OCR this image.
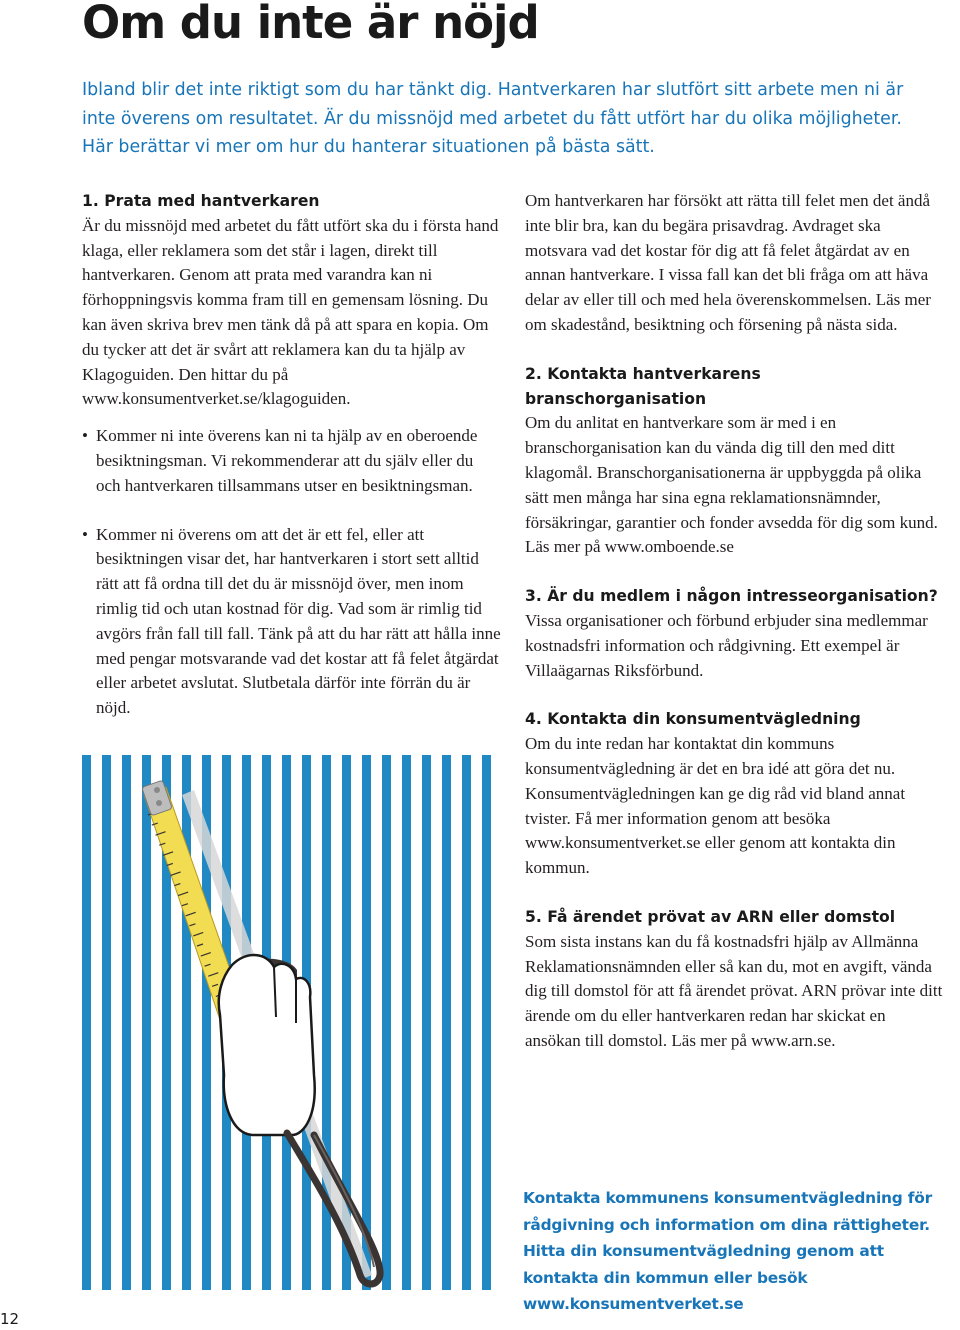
Om du inte är nöjd

Ibland blir det inte riktigt som du har tänkt dig. Hantverkaren har slutfört sitt arbete men ni är inte överens om resultatet. Är du missnöjd med arbetet du fått utfört har du olika möjligheter. Här berättar vi mer om hur du hanterar situationen på bästa sätt.

1. Prata med hantverkaren

Är du missnöjd med arbetet du fått utfört ska du i första hand klaga, eller reklamera som det står i lagen, direkt till hantverkaren. Genom att prata med varandra kan ni förhoppningsvis komma fram till en gemensam lösning. Du kan även skriva brev men tänk då på att spara en kopia. Om du tycker att det är svårt att reklamera kan du ta hjälp av Klagoguiden. Den hittar du på www.konsumentverket.se/klagoguiden.

• Kommer ni inte överens kan ni ta hjälp av en oberoende besiktningsman. Vi rekommenderar att du själv eller du och hantverkaren tillsammans utser en besiktningsman.

• Kommer ni överens om att det är ett fel, eller att besiktningen visar det, har hantverkaren i stort sett alltid rätt att få ordna till det du är missnöjd över, men inom rimlig tid och utan kostnad för dig. Vad som är rimlig tid avgörs från fall till fall. Tänk på att du har rätt att hålla inne med pengar motsvarande vad det kostar att få felet åtgärdat eller arbetet avslutat. Slutbetala därför inte förrän du är nöjd.

Om hantverkaren har försökt att rätta till felet men det ändå inte blir bra, kan du begära prisavdrag. Avdraget ska motsvara vad det kostar för dig att få felet åtgärdat av en annan hantverkare. I vissa fall kan det bli fråga om att häva delar av eller till och med hela överenskommelsen. Läs mer om skadestånd, besiktning och försening på nästa sida.

2. Kontakta hantverkarens branschorganisation

Om du anlitat en hantverkare som är med i en branschorganisation kan du vända dig till den med ditt klagomål. Branschorganisationerna är uppbyggda på olika sätt men många har sina egna reklamationsnämnder, försäkringar, garantier och fonder avsedda för dig som kund. Läs mer på www.omboende.se

3. Är du medlem i någon intresseorganisation?

Vissa organisationer och förbund erbjuder sina medlemmar kostnadsfri information och rådgivning. Ett exempel är Villaägarnas Riksförbund.

4. Kontakta din konsumentvägledning

Om du inte redan har kontaktat din kommuns konsumentvägledning är det en bra idé att göra det nu. Konsumentvägledningen kan ge dig råd vid bland annat tvister. Få mer information genom att besöka www.konsumentverket.se eller genom att kontakta din kommun.

5. Få ärendet prövat av ARN eller domstol

Som sista instans kan du få kostnadsfri hjälp av Allmänna Reklamationsnämnden eller så kan du, mot en avgift, vända dig till domstol för att få ärendet prövat. ARN prövar inte ditt ärende om du eller hantverkaren redan har skickat en ansökan till domstol. Läs mer på www.arn.se.

Kontakta kommunens konsumentvägledning för rådgivning och information om dina rättigheter. Hitta din konsumentvägledning genom att kontakta din kommun eller besök www.konsumentverket.se

12
